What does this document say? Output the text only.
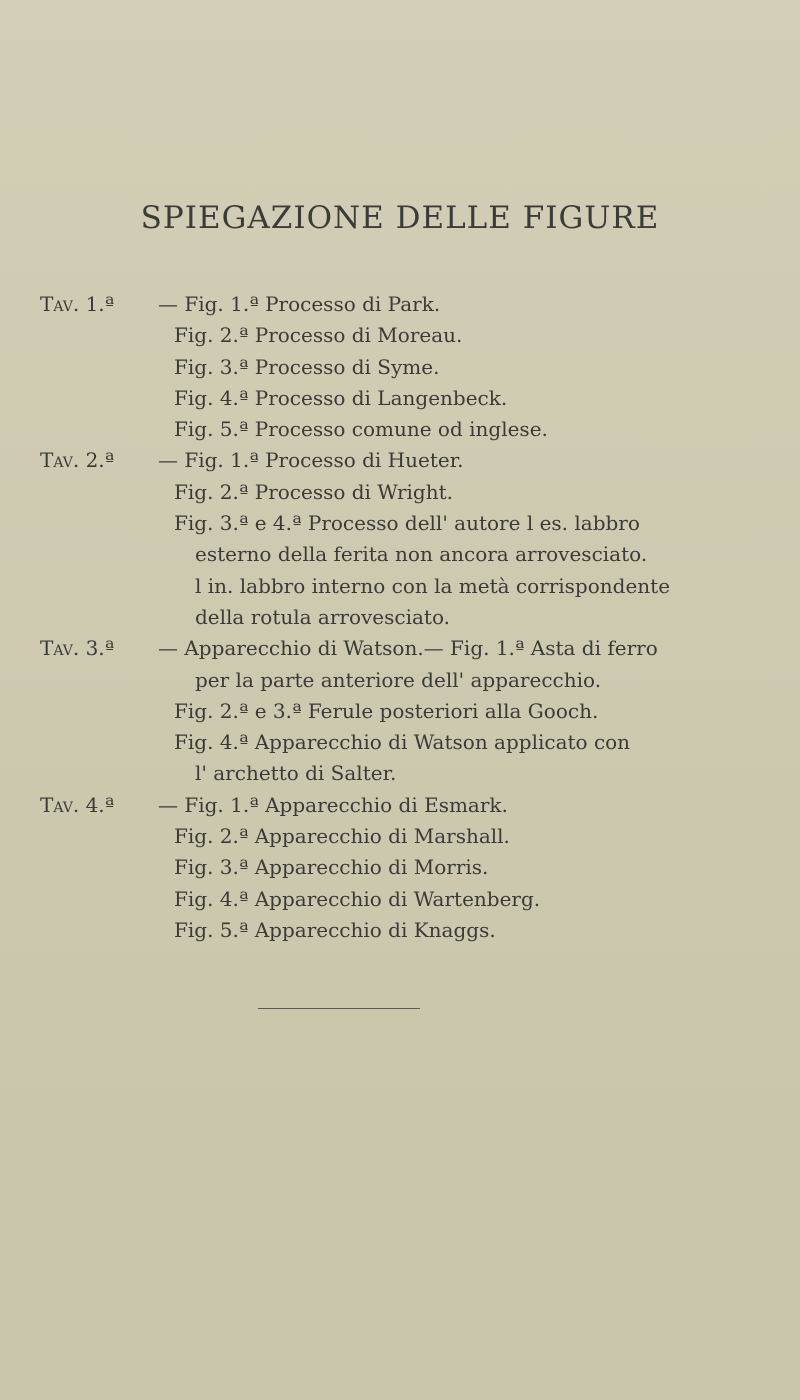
SPIEGAZIONE DELLE FIGURE
Tav. 1.ª — Fig. 1.ª Processo di Park.
Fig. 2.ª Processo di Moreau.
Fig. 3.ª Processo di Syme.
Fig. 4.ª Processo di Langenbeck.
Fig. 5.ª Processo comune od inglese.
Tav. 2.ª — Fig. 1.ª Processo di Hueter.
Fig. 2.ª Processo di Wright.
Fig. 3.ª e 4.ª Processo dell' autore l es. labbro
esterno della ferita non ancora arrovesciato.
l in. labbro interno con la metà corrispondente
della rotula arrovesciato.
Tav. 3.ª — Apparecchio di Watson.— Fig. 1.ª Asta di ferro
per la parte anteriore dell' apparecchio.
Fig. 2.ª e 3.ª Ferule posteriori alla Gooch.
Fig. 4.ª Apparecchio di Watson applicato con
l' archetto di Salter.
Tav. 4.ª — Fig. 1.ª Apparecchio di Esmark.
Fig. 2.ª Apparecchio di Marshall.
Fig. 3.ª Apparecchio di Morris.
Fig. 4.ª Apparecchio di Wartenberg.
Fig. 5.ª Apparecchio di Knaggs.
